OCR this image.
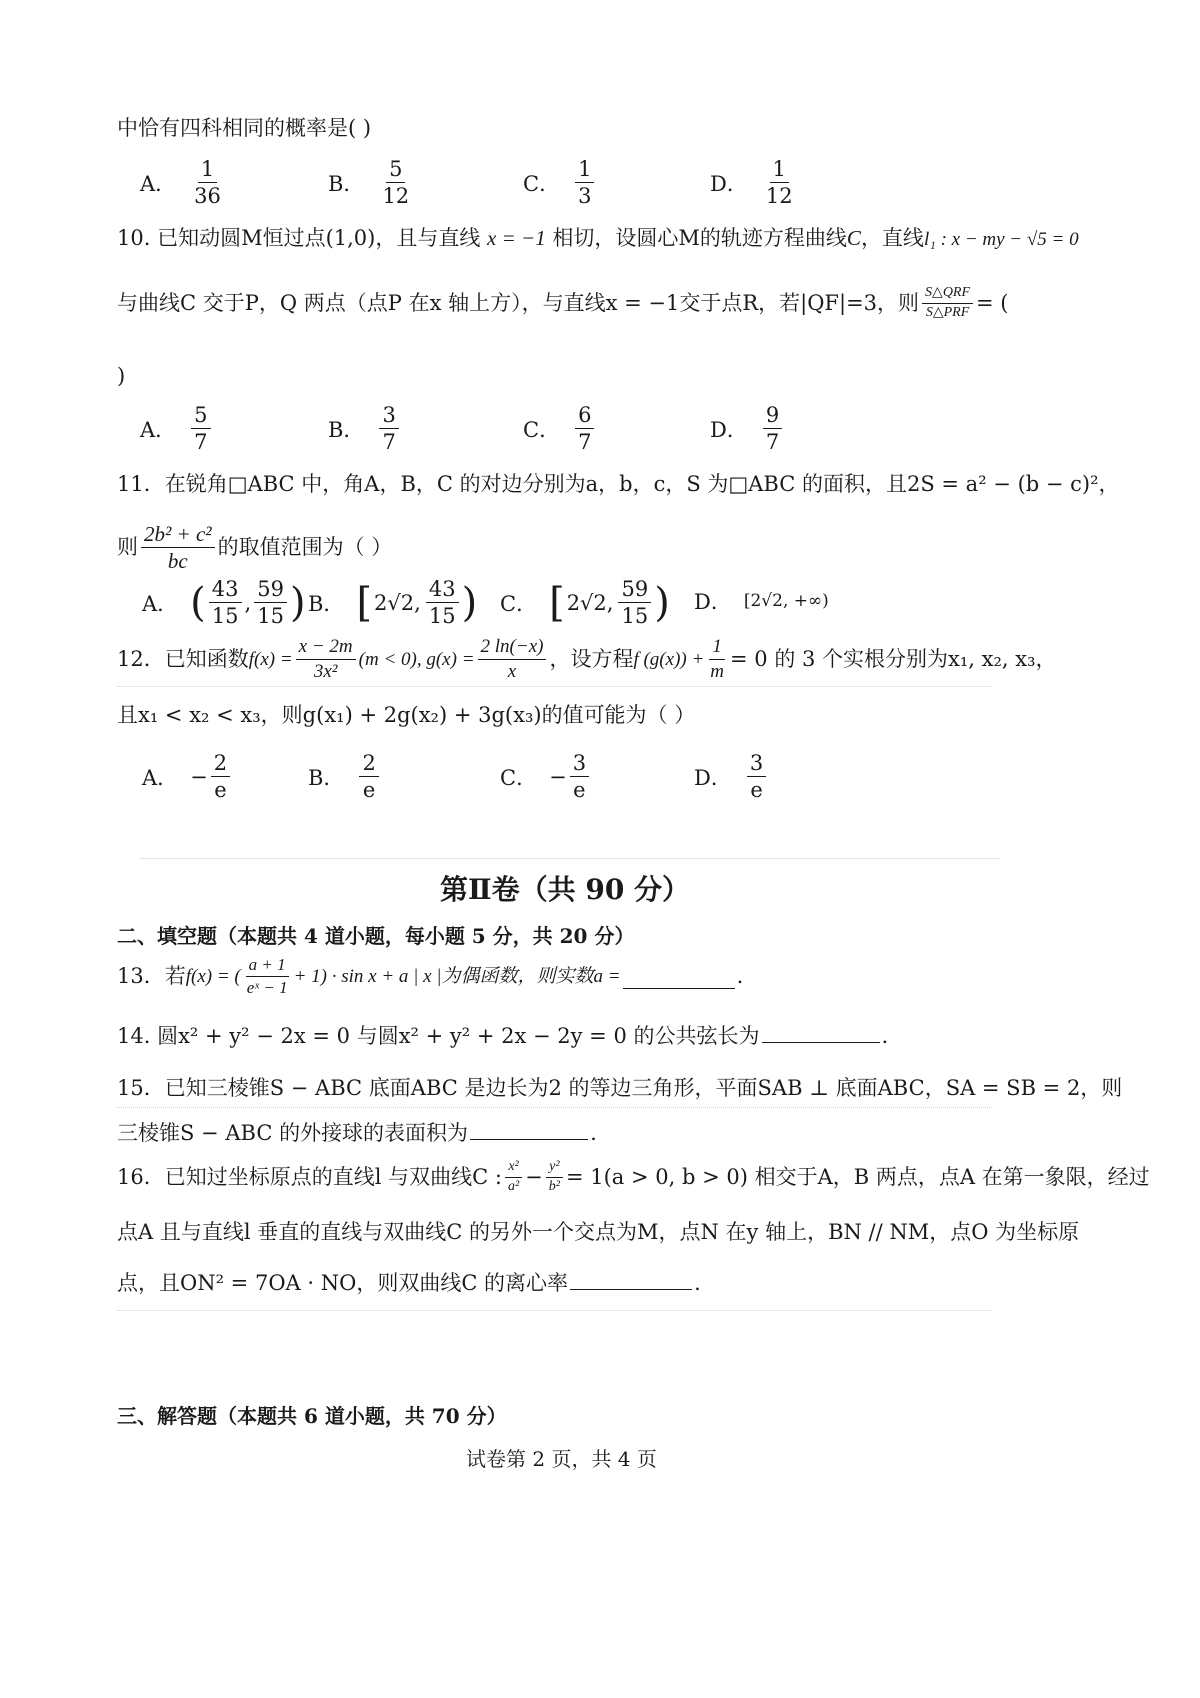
中恰有四科相同的概率是( )
A． $\frac{1}{36}$	B． $\frac{5}{12}$	C． $\frac{1}{3}$	D． $\frac{1}{12}$
10. 已知动圆M恒过点(1,0)，且与直线 x = −1 相切，设圆心M的轨迹方程曲线C，直线l₁ : x − my − √5 = 0
与曲线C 交于P，Q 两点（点P 在x 轴上方），与直线x = −1交于点R，若|QF|=3，则 $\frac{\text{S△QRF}}{\text{S△PRF}}$ = (
)
A． $\frac{5}{7}$	B． $\frac{3}{7}$	C． $\frac{6}{7}$	D． $\frac{9}{7}$
11．在锐角□ABC 中，角A，B，C 的对边分别为a，b，c，S 为□ABC 的面积，且2S = a² − (b − c)²，
则 $\frac{\text{2b² + c²}}{bc}$ 的取值范围为（ ）
A． ( $\frac{43}{15}$ , $\frac{59}{15}$ ) B． [ 2√2, $\frac{43}{15}$ ) C． [ 2√2, $\frac{59}{15}$ ) D． [2√2, +∞)
12．已知函数 $f(x) = \frac{x - 2m}{\text{3x²}} (m < 0)$, $g(x) = \frac{2 \ln(-x)}{x}$ ，设方程 f $(g(x)) + \frac{1}{m} = 0$ 的 3 个实根分别为x₁, x₂, x₃，
且x₁ < x₂ < x₃，则g(x₁) + 2g(x₂) + 3g(x₃)的值可能为（ ）
A． − $\frac{2}{e}$	B． $\frac{2}{e}$	C． − $\frac{3}{e}$	D． $\frac{3}{e}$
第Ⅱ卷（共 90 分）
二、填空题（本题共 4 道小题，每小题 5 分，共 20 分）
13．若 f(x) = ( $\frac{a + 1}{\text{eˣ − 1}} + 1) \cdot \sin x + a$ | x |为偶函数，则实数a =	.
14. 圆x² + y² − 2x = 0 与圆x² + y² + 2x − 2y = 0 的公共弦长为	.
15．已知三棱锥S − ABC 底面ABC 是边长为2 的等边三角形，平面SAB ⊥ 底面ABC，SA = SB = 2，则
三棱锥S − ABC 的外接球的表面积为	.
16．已知过坐标原点的直线l 与双曲线C : $\frac{\text{x²}}{\text{a²}} - \frac{\text{y²}}{\text{b²}} = 1(a > 0$, b > 0) 相交于A，B 两点，点A 在第一象限，经过
点A 且与直线l 垂直的直线与双曲线C 的另外一个交点为M，点N 在y 轴上，BN // NM，点O 为坐标原
点，且ON² = 7OA · NO，则双曲线C 的离心率	.
三、解答题（本题共 6 道小题，共 70 分）
试卷第 2 页，共 4 页
